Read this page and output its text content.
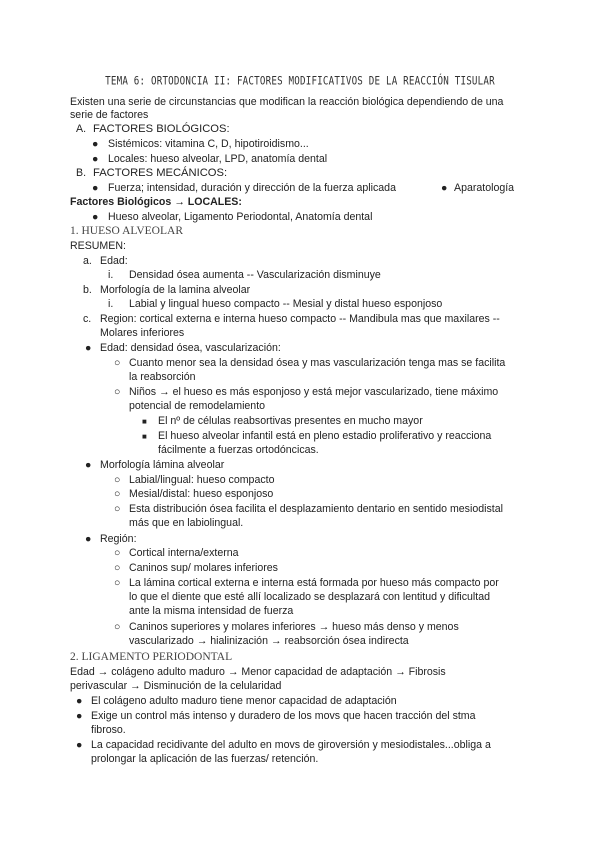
TEMA 6: ORTODONCIA II: FACTORES MODIFICATIVOS DE LA REACCIÓN TISULAR
Existen una serie de circunstancias que modifican la reacción biológica dependiendo de una
serie de factores
A. FACTORES BIOLÓGICOS:
● Sistémicos: vitamina C, D, hipotiroidismo...
● Locales: hueso alveolar, LPD, anatomía dental
B. FACTORES MECÁNICOS:
● Fuerza; intensidad, duración y dirección de la fuerza aplicada	● Aparatología
Factores Biológicos → LOCALES:
● Hueso alveolar, Ligamento Periodontal, Anatomía dental
1. HUESO ALVEOLAR
RESUMEN:
a. Edad:
i. Densidad ósea aumenta -- Vascularización disminuye
b. Morfología de la lamina alveolar
i. Labial y lingual hueso compacto -- Mesial y distal hueso esponjoso
c. Region: cortical externa e interna hueso compacto -- Mandibula mas que maxilares --
Molares inferiores
● Edad: densidad ósea, vascularización:
○ Cuanto menor sea la densidad ósea y mas vascularización tenga mas se facilita
la reabsorción
○ Niños → el hueso es más esponjoso y está mejor vascularizado, tiene máximo
potencial de remodelamiento
■ El nº de células reabsortivas presentes en mucho mayor
■ El hueso alveolar infantil está en pleno estadio proliferativo y reacciona
fácilmente a fuerzas ortodóncicas.
● Morfología lámina alveolar
○ Labial/lingual: hueso compacto
○ Mesial/distal: hueso esponjoso
○ Esta distribución ósea facilita el desplazamiento dentario en sentido mesiodistal
más que en labiolingual.
● Región:
○ Cortical interna/externa
○ Caninos sup/ molares inferiores
○ La lámina cortical externa e interna está formada por hueso más compacto por
lo que el diente que esté allí localizado se desplazará con lentitud y dificultad
ante la misma intensidad de fuerza
○ Caninos superiores y molares inferiores → hueso más denso y menos
vascularizado → hialinización → reabsorción ósea indirecta
2. LIGAMENTO PERIODONTAL
Edad → colágeno adulto maduro → Menor capacidad de adaptación → Fibrosis
perivascular → Disminución de la celularidad
● El colágeno adulto maduro tiene menor capacidad de adaptación
● Exige un control más intenso y duradero de los movs que hacen tracción del stma
fibroso.
● La capacidad recidivante del adulto en movs de giroversión y mesiodistales...obliga a
prolongar la aplicación de las fuerzas/ retención.
